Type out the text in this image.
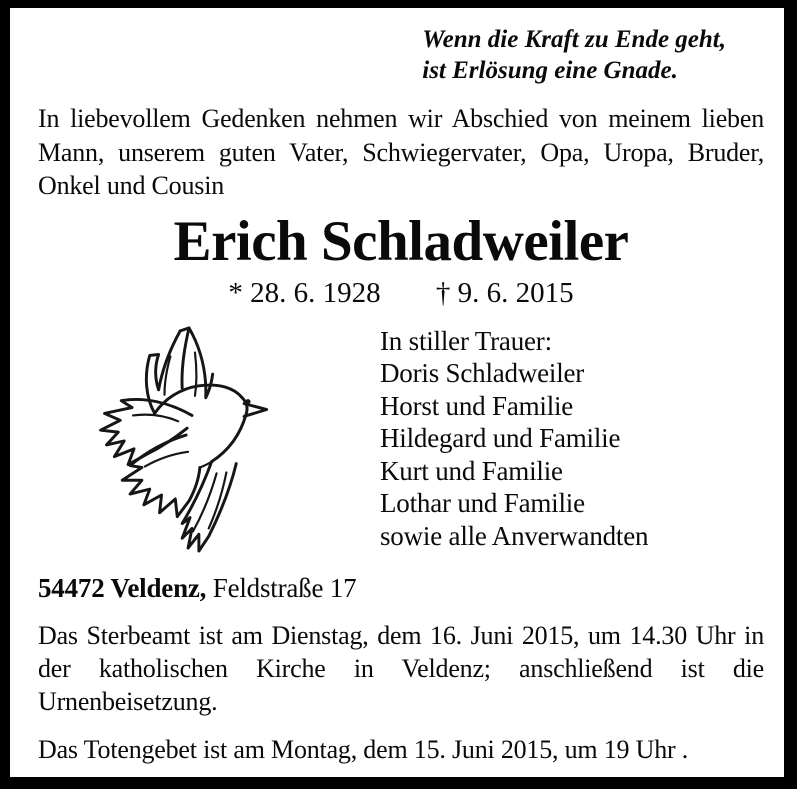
Wenn die Kraft zu Ende geht,
ist Erlösung eine Gnade.
In liebevollem Gedenken nehmen wir Abschied von meinem lieben Mann, unserem guten Vater, Schwiegervater, Opa, Uropa, Bruder, Onkel und Cousin
Erich Schladweiler
* 28. 6. 1928 † 9. 6. 2015
In stiller Trauer:
Doris Schladweiler
Horst und Familie
Hildegard und Familie
Kurt und Familie
Lothar und Familie
sowie alle Anverwandten
54472 Veldenz, Feldstraße 17
Das Sterbeamt ist am Dienstag, dem 16. Juni 2015, um 14.30 Uhr in der katholischen Kirche in Veldenz; anschließend ist die Urnenbeisetzung.
Das Totengebet ist am Montag, dem 15. Juni 2015, um 19 Uhr .
